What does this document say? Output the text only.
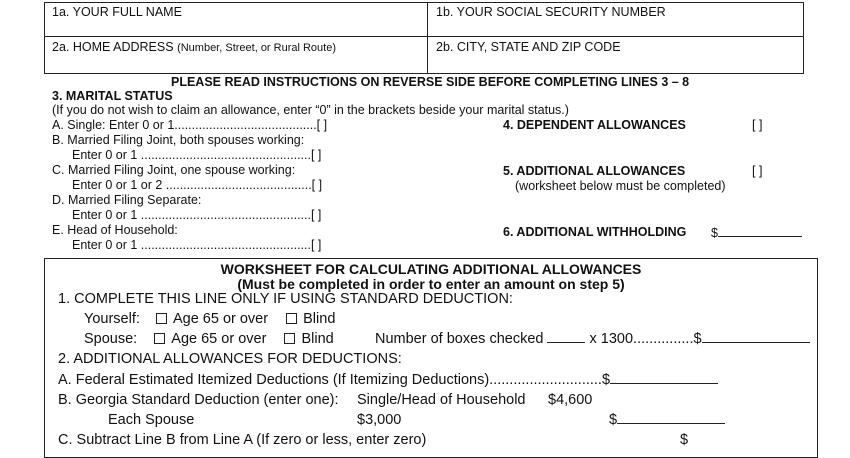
1a. YOUR FULL NAME	1b. YOUR SOCIAL SECURITY NUMBER
2a. HOME ADDRESS (Number, Street, or Rural Route)	2b. CITY, STATE AND ZIP CODE
PLEASE READ INSTRUCTIONS ON REVERSE SIDE BEFORE COMPLETING LINES 3 – 8
3. MARITAL STATUS
(If you do not wish to claim an allowance, enter “0” in the brackets beside your marital status.)
A. Single: Enter 0 or 1.........................................[ ]
B. Married Filing Joint, both spouses working:
Enter 0 or 1 .................................................[ ]
C. Married Filing Joint, one spouse working:
Enter 0 or 1 or 2 ..........................................[ ]
D. Married Filing Separate:
Enter 0 or 1 .................................................[ ]
E. Head of Household:
Enter 0 or 1 .................................................[ ]
4. DEPENDENT ALLOWANCES	[ ]
5. ADDITIONAL ALLOWANCES	[ ]
(worksheet below must be completed)
6. ADDITIONAL WITHHOLDING $
WORKSHEET FOR CALCULATING ADDITIONAL ALLOWANCES
(Must be completed in order to enter an amount on step 5)
1. COMPLETE THIS LINE ONLY IF USING STANDARD DEDUCTION:
Yourself: Age 65 or over Blind
Spouse: Age 65 or over Blind	Number of boxes checked	x 1300...............$
2. ADDITIONAL ALLOWANCES FOR DEDUCTIONS:
A. Federal Estimated Itemized Deductions (If Itemizing Deductions)............................$
B. Georgia Standard Deduction (enter one): Single/Head of Household $4,600
Each Spouse	$3,000	$
C. Subtract Line B from Line A (If zero or less, enter zero)	$
